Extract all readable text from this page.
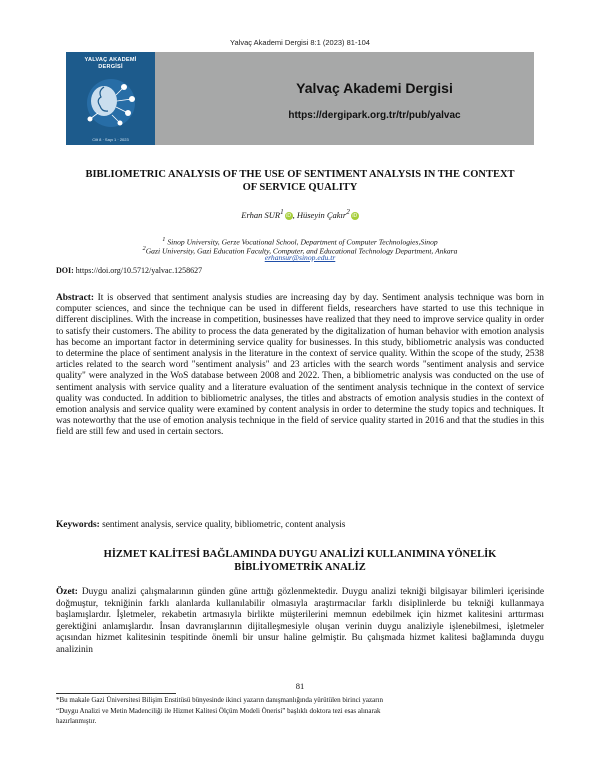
Yalvaç Akademi Dergisi 8:1 (2023) 81-104
YALVAÇ AKADEMİ
DERGİSİ
Cilt 8 · Sayı 1 · 2023
Yalvaç Akademi Dergisi
https://dergipark.org.tr/tr/pub/yalvac
BIBLIOMETRIC ANALYSIS OF THE USE OF SENTIMENT ANALYSIS IN THE CONTEXT OF SERVICE QUALITY
Erhan SUR$^1$ iD , Hüseyin Çakır$^2$ iD
$^1$ Sinop University, Gerze Vocational School, Department of Computer Technologies,Sinop
$^2$Gazi University, Gazi Education Faculty, Computer, and Educational Technology Department, Ankara
erhansur@sinop.edu.tr
DOI: https://doi.org/10.5712/yalvac.1258627
Abstract: It is observed that sentiment analysis studies are increasing day by day. Sentiment analysis technique was born in computer sciences, and since the technique can be used in different fields, researchers have started to use this technique in different disciplines. With the increase in competition, businesses have realized that they need to improve service quality in order to satisfy their customers. The ability to process the data generated by the digitalization of human behavior with emotion analysis has become an important factor in determining service quality for businesses. In this study, bibliometric analysis was conducted to determine the place of sentiment analysis in the literature in the context of service quality. Within the scope of the study, 2538 articles related to the search word "sentiment analysis" and 23 articles with the search words "sentiment analysis and service quality" were analyzed in the WoS database between 2008 and 2022. Then, a bibliometric analysis was conducted on the use of sentiment analysis with service quality and a literature evaluation of the sentiment analysis technique in the context of service quality was conducted. In addition to bibliometric analyses, the titles and abstracts of emotion analysis studies in the context of emotion analysis and service quality were examined by content analysis in order to determine the study topics and techniques. It was noteworthy that the use of emotion analysis technique in the field of service quality started in 2016 and that the studies in this field are still few and used in certain sectors.
Keywords: sentiment analysis, service quality, bibliometric, content analysis
HİZMET KALİTESİ BAĞLAMINDA DUYGU ANALİZİ KULLANIMINA YÖNELİK BİBLİYOMETRİK ANALİZ
Özet: Duygu analizi çalışmalarının günden güne arttığı gözlenmektedir. Duygu analizi tekniği bilgisayar bilimleri içerisinde doğmuştur, tekniğinin farklı alanlarda kullanılabilir olmasıyla araştırmacılar farklı disiplinlerde bu tekniği kullanmaya başlamışlardır. İşletmeler, rekabetin artmasıyla birlikte müşterilerini memnun edebilmek için hizmet kalitesini arttırması gerektiğini anlamışlardır. İnsan davranışlarının dijitalleşmesiyle oluşan verinin duygu analiziyle işlenebilmesi, işletmeler açısından hizmet kalitesinin tespitinde önemli bir unsur haline gelmiştir. Bu çalışmada hizmet kalitesi bağlamında duygu analizinin
81
*Bu makale Gazi Üniversitesi Bilişim Enstitüsü bünyesinde ikinci yazarın danışmanlığında yürütülen birinci yazarın
“Duygu Analizi ve Metin Madenciliği ile Hizmet Kalitesi Ölçüm Modeli Önerisi” başlıklı doktora tezi esas alınarak
hazırlanmıştır.
